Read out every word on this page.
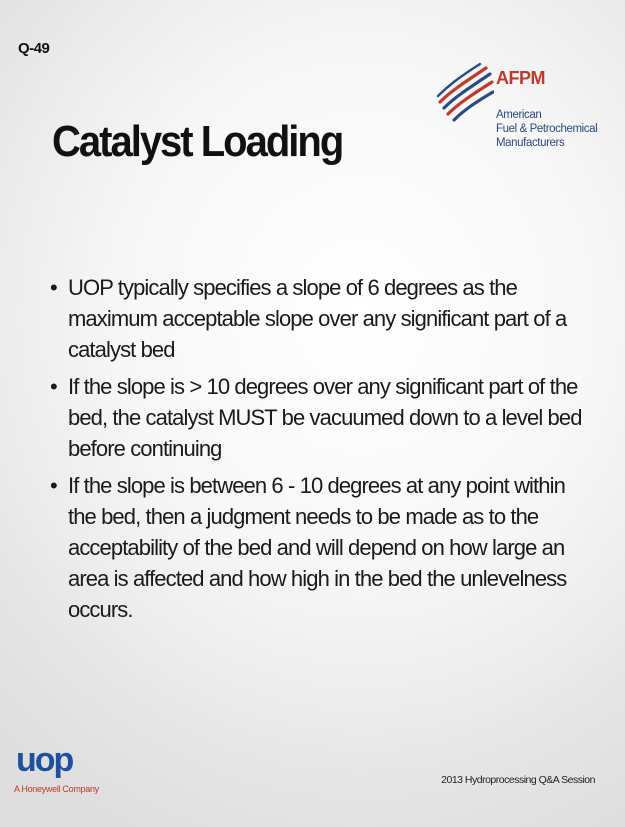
Q-49
AFPM
American
Fuel & Petrochemical
Manufacturers
Catalyst Loading
• UOP typically specifies a slope of 6 degrees as the maximum acceptable slope over any significant part of a catalyst bed
• If the slope is > 10 degrees over any significant part of the bed, the catalyst MUST be vacuumed down to a level bed before continuing
• If the slope is between 6 - 10 degrees at any point within the bed, then a judgment needs to be made as to the acceptability of the bed and will depend on how large an area is affected and how high in the bed the unlevelness occurs.
uop
A Honeywell Company
2013 Hydroprocessing Q&A Session
